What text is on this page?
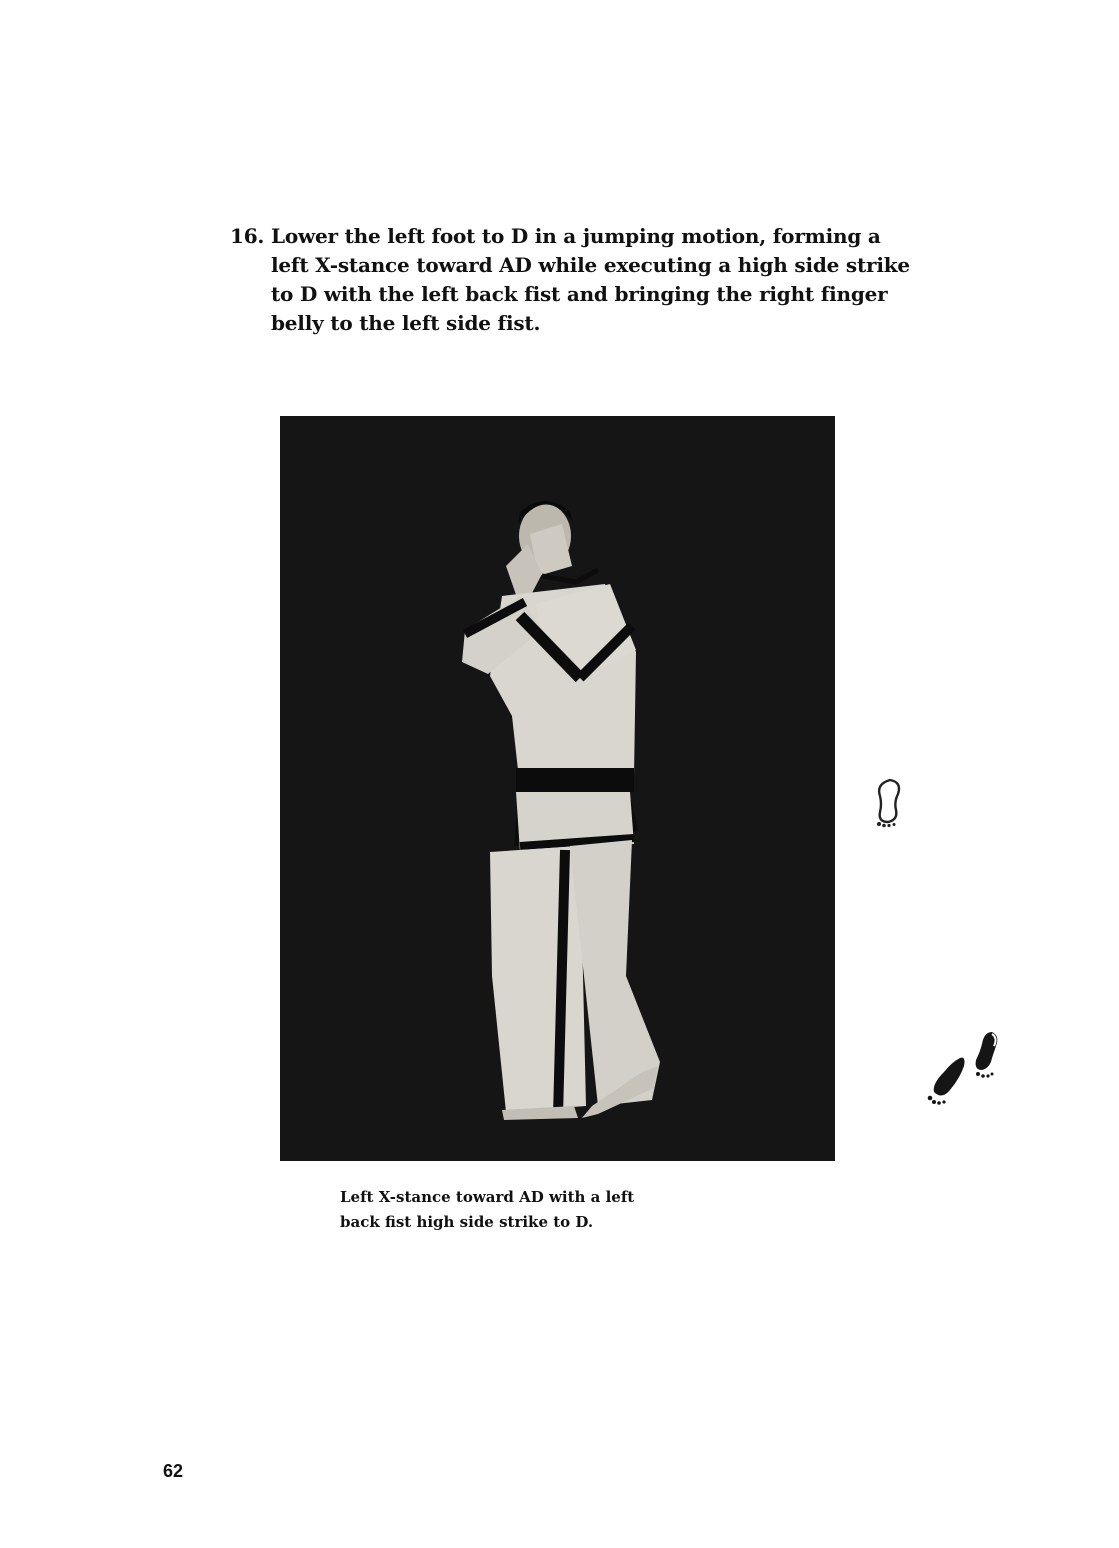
16. Lower the left foot to D in a jumping motion, forming a left X-stance toward AD while executing a high side strike to D with the left back fist and bringing the right finger belly to the left side fist.
Left X-stance toward AD with a left
back fist high side strike to D.
62
